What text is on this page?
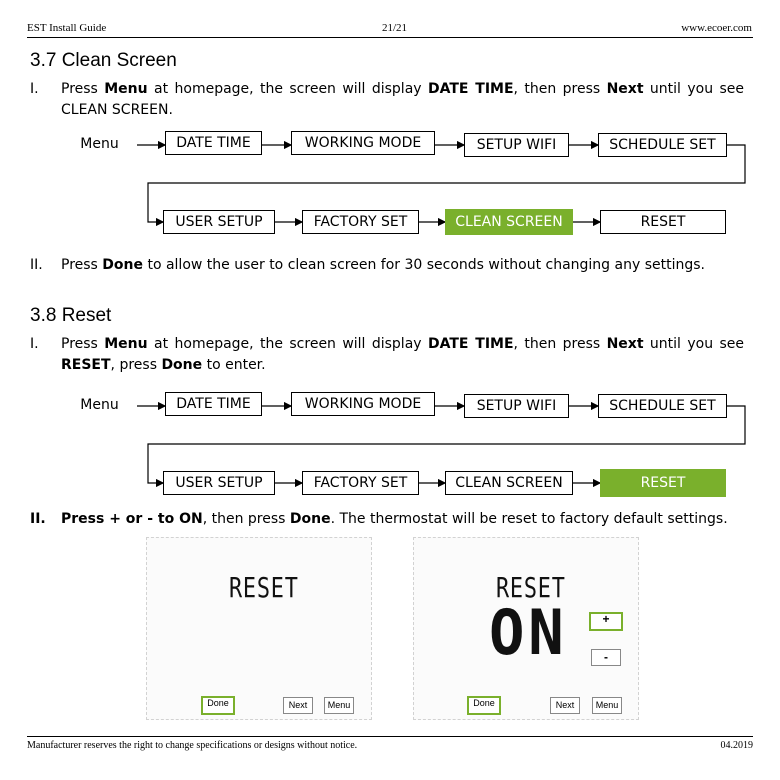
EST Install Guide	21/21	www.ecoer.com
3.7 Clean Screen
I. Press Menu at homepage, the screen will display DATE TIME, then press Next until you see CLEAN SCREEN.
Menu	DATE TIME	WORKING MODE	SETUP WIFI	SCHEDULE SET
USER SETUP	FACTORY SET	CLEAN SCREEN	RESET
II. Press Done to allow the user to clean screen for 30 seconds without changing any settings.
3.8 Reset
I. Press Menu at homepage, the screen will display DATE TIME, then press Next until you see RESET, press Done to enter.
Menu	DATE TIME	WORKING MODE	SETUP WIFI	SCHEDULE SET
USER SETUP	FACTORY SET	CLEAN SCREEN	RESET
II. Press + or - to ON, then press Done. The thermostat will be reset to factory default settings.
RESET
Done	Next	Menu
RESET
ON	+
-
Done	Next	Menu
Manufacturer reserves the right to change specifications or designs without notice.	04.2019
